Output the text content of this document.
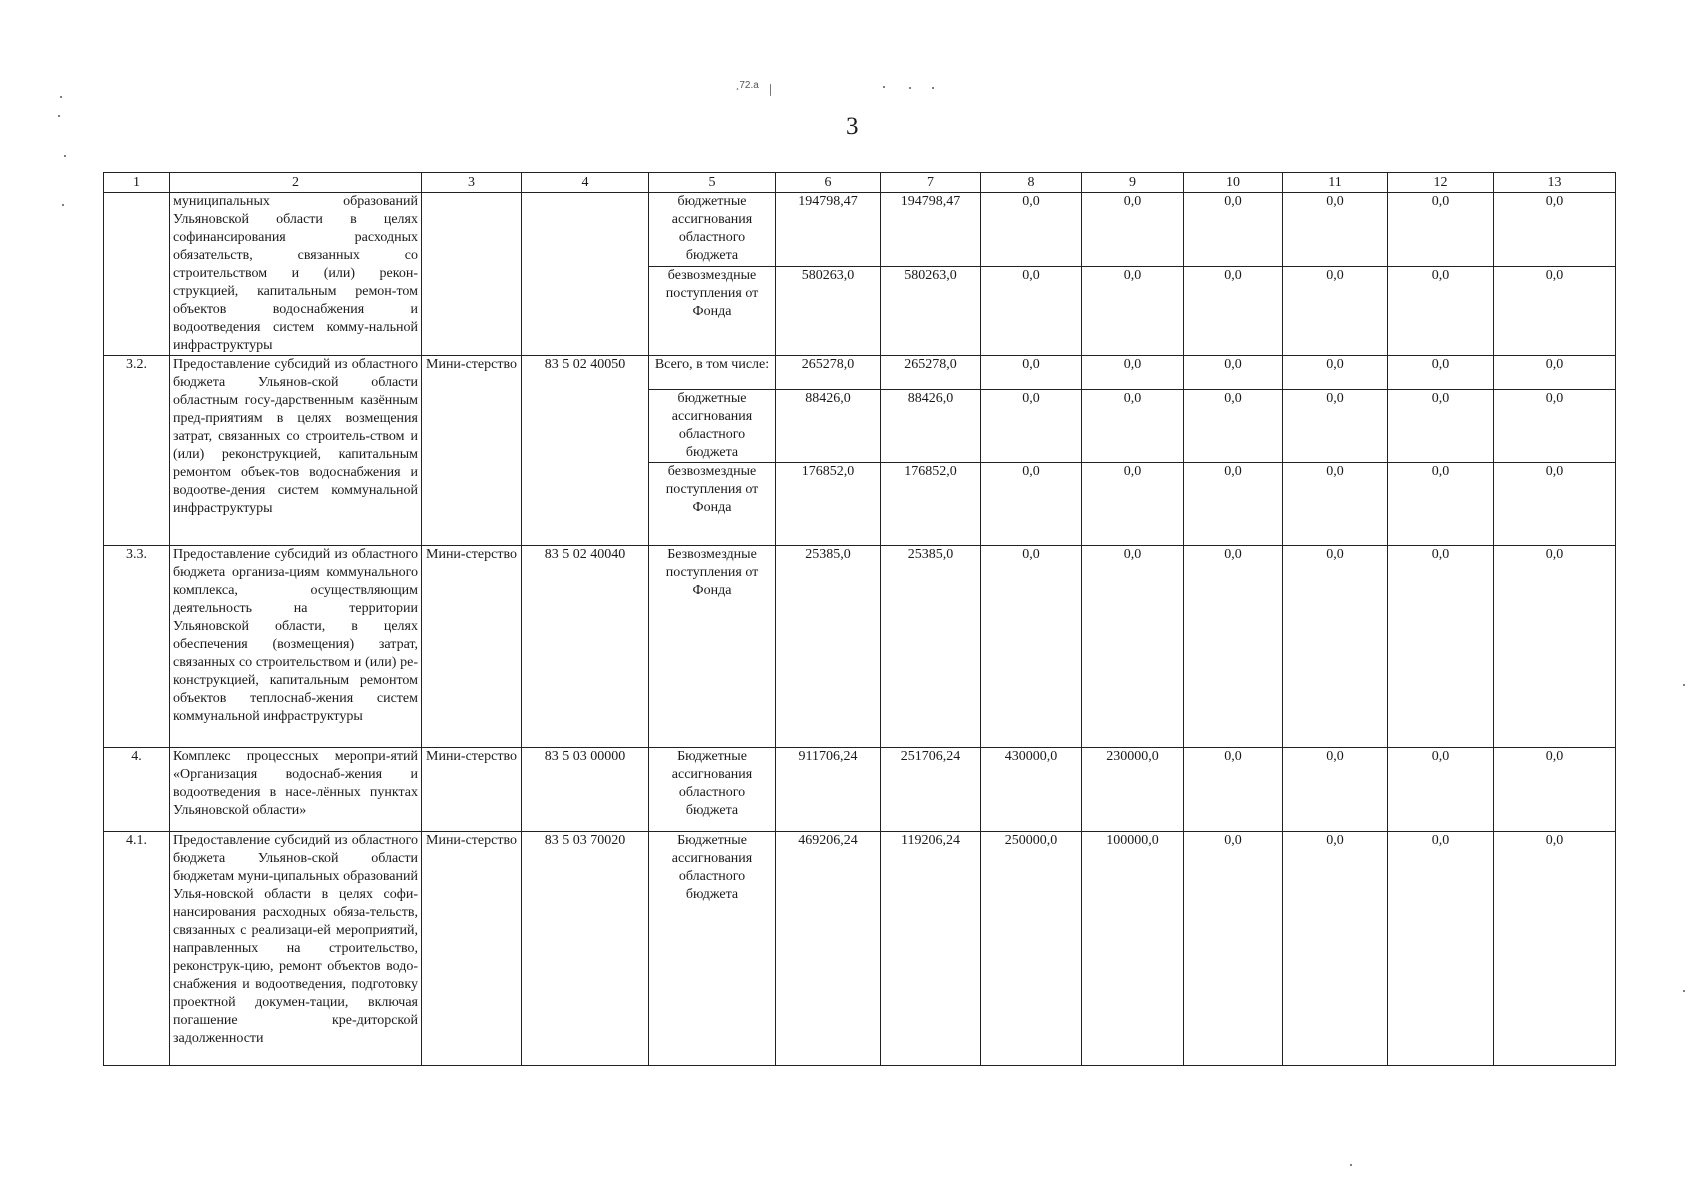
¸72.a
3
1	2	3	4	5	6	7	8	9	10	11	12	13
	муниципальных образований Ульяновской области в целях софинансирования расходных обязательств, связанных со строительством и (или) рекон-струкцией, капитальным ремон-том объектов водоснабжения и водоотведения систем комму-нальной инфраструктуры			бюджетные ассигнования областного бюджета	194798,47	194798,47	0,0	0,0	0,0	0,0	0,0	0,0
				безвозмездные поступления от Фонда	580263,0	580263,0	0,0	0,0	0,0	0,0	0,0	0,0
3.2.	Предоставление субсидий из областного бюджета Ульянов-ской области областным госу-дарственным казённым пред-приятиям в целях возмещения затрат, связанных со строитель-ством и (или) реконструкцией, капитальным ремонтом объек-тов водоснабжения и водоотве-дения систем коммунальной инфраструктуры	Мини-стерство	83 5 02 40050	Всего, в том числе:	265278,0	265278,0	0,0	0,0	0,0	0,0	0,0	0,0
				бюджетные ассигнования областного бюджета	88426,0	88426,0	0,0	0,0	0,0	0,0	0,0	0,0
				безвозмездные поступления от Фонда	176852,0	176852,0	0,0	0,0	0,0	0,0	0,0	0,0
3.3.	Предоставление субсидий из областного бюджета организа-циям коммунального комплекса, осуществляющим деятельность на территории Ульяновской области, в целях обеспечения (возмещения) затрат, связанных со строительством и (или) ре-конструкцией, капитальным ремонтом объектов теплоснаб-жения систем коммунальной инфраструктуры	Мини-стерство	83 5 02 40040	Безвозмездные поступления от Фонда	25385,0	25385,0	0,0	0,0	0,0	0,0	0,0	0,0
4.	Комплекс процессных меропри-ятий «Организация водоснаб-жения и водоотведения в насе-лённых пунктах Ульяновской области»	Мини-стерство	83 5 03 00000	Бюджетные ассигнования областного бюджета	911706,24	251706,24	430000,0	230000,0	0,0	0,0	0,0	0,0
4.1.	Предоставление субсидий из областного бюджета Ульянов-ской области бюджетам муни-ципальных образований Улья-новской области в целях софи-нансирования расходных обяза-тельств, связанных с реализаци-ей мероприятий, направленных на строительство, реконструк-цию, ремонт объектов водо-снабжения и водоотведения, подготовку проектной докумен-тации, включая погашение кре-диторской задолженности	Мини-стерство	83 5 03 70020	Бюджетные ассигнования областного бюджета	469206,24	119206,24	250000,0	100000,0	0,0	0,0	0,0	0,0
